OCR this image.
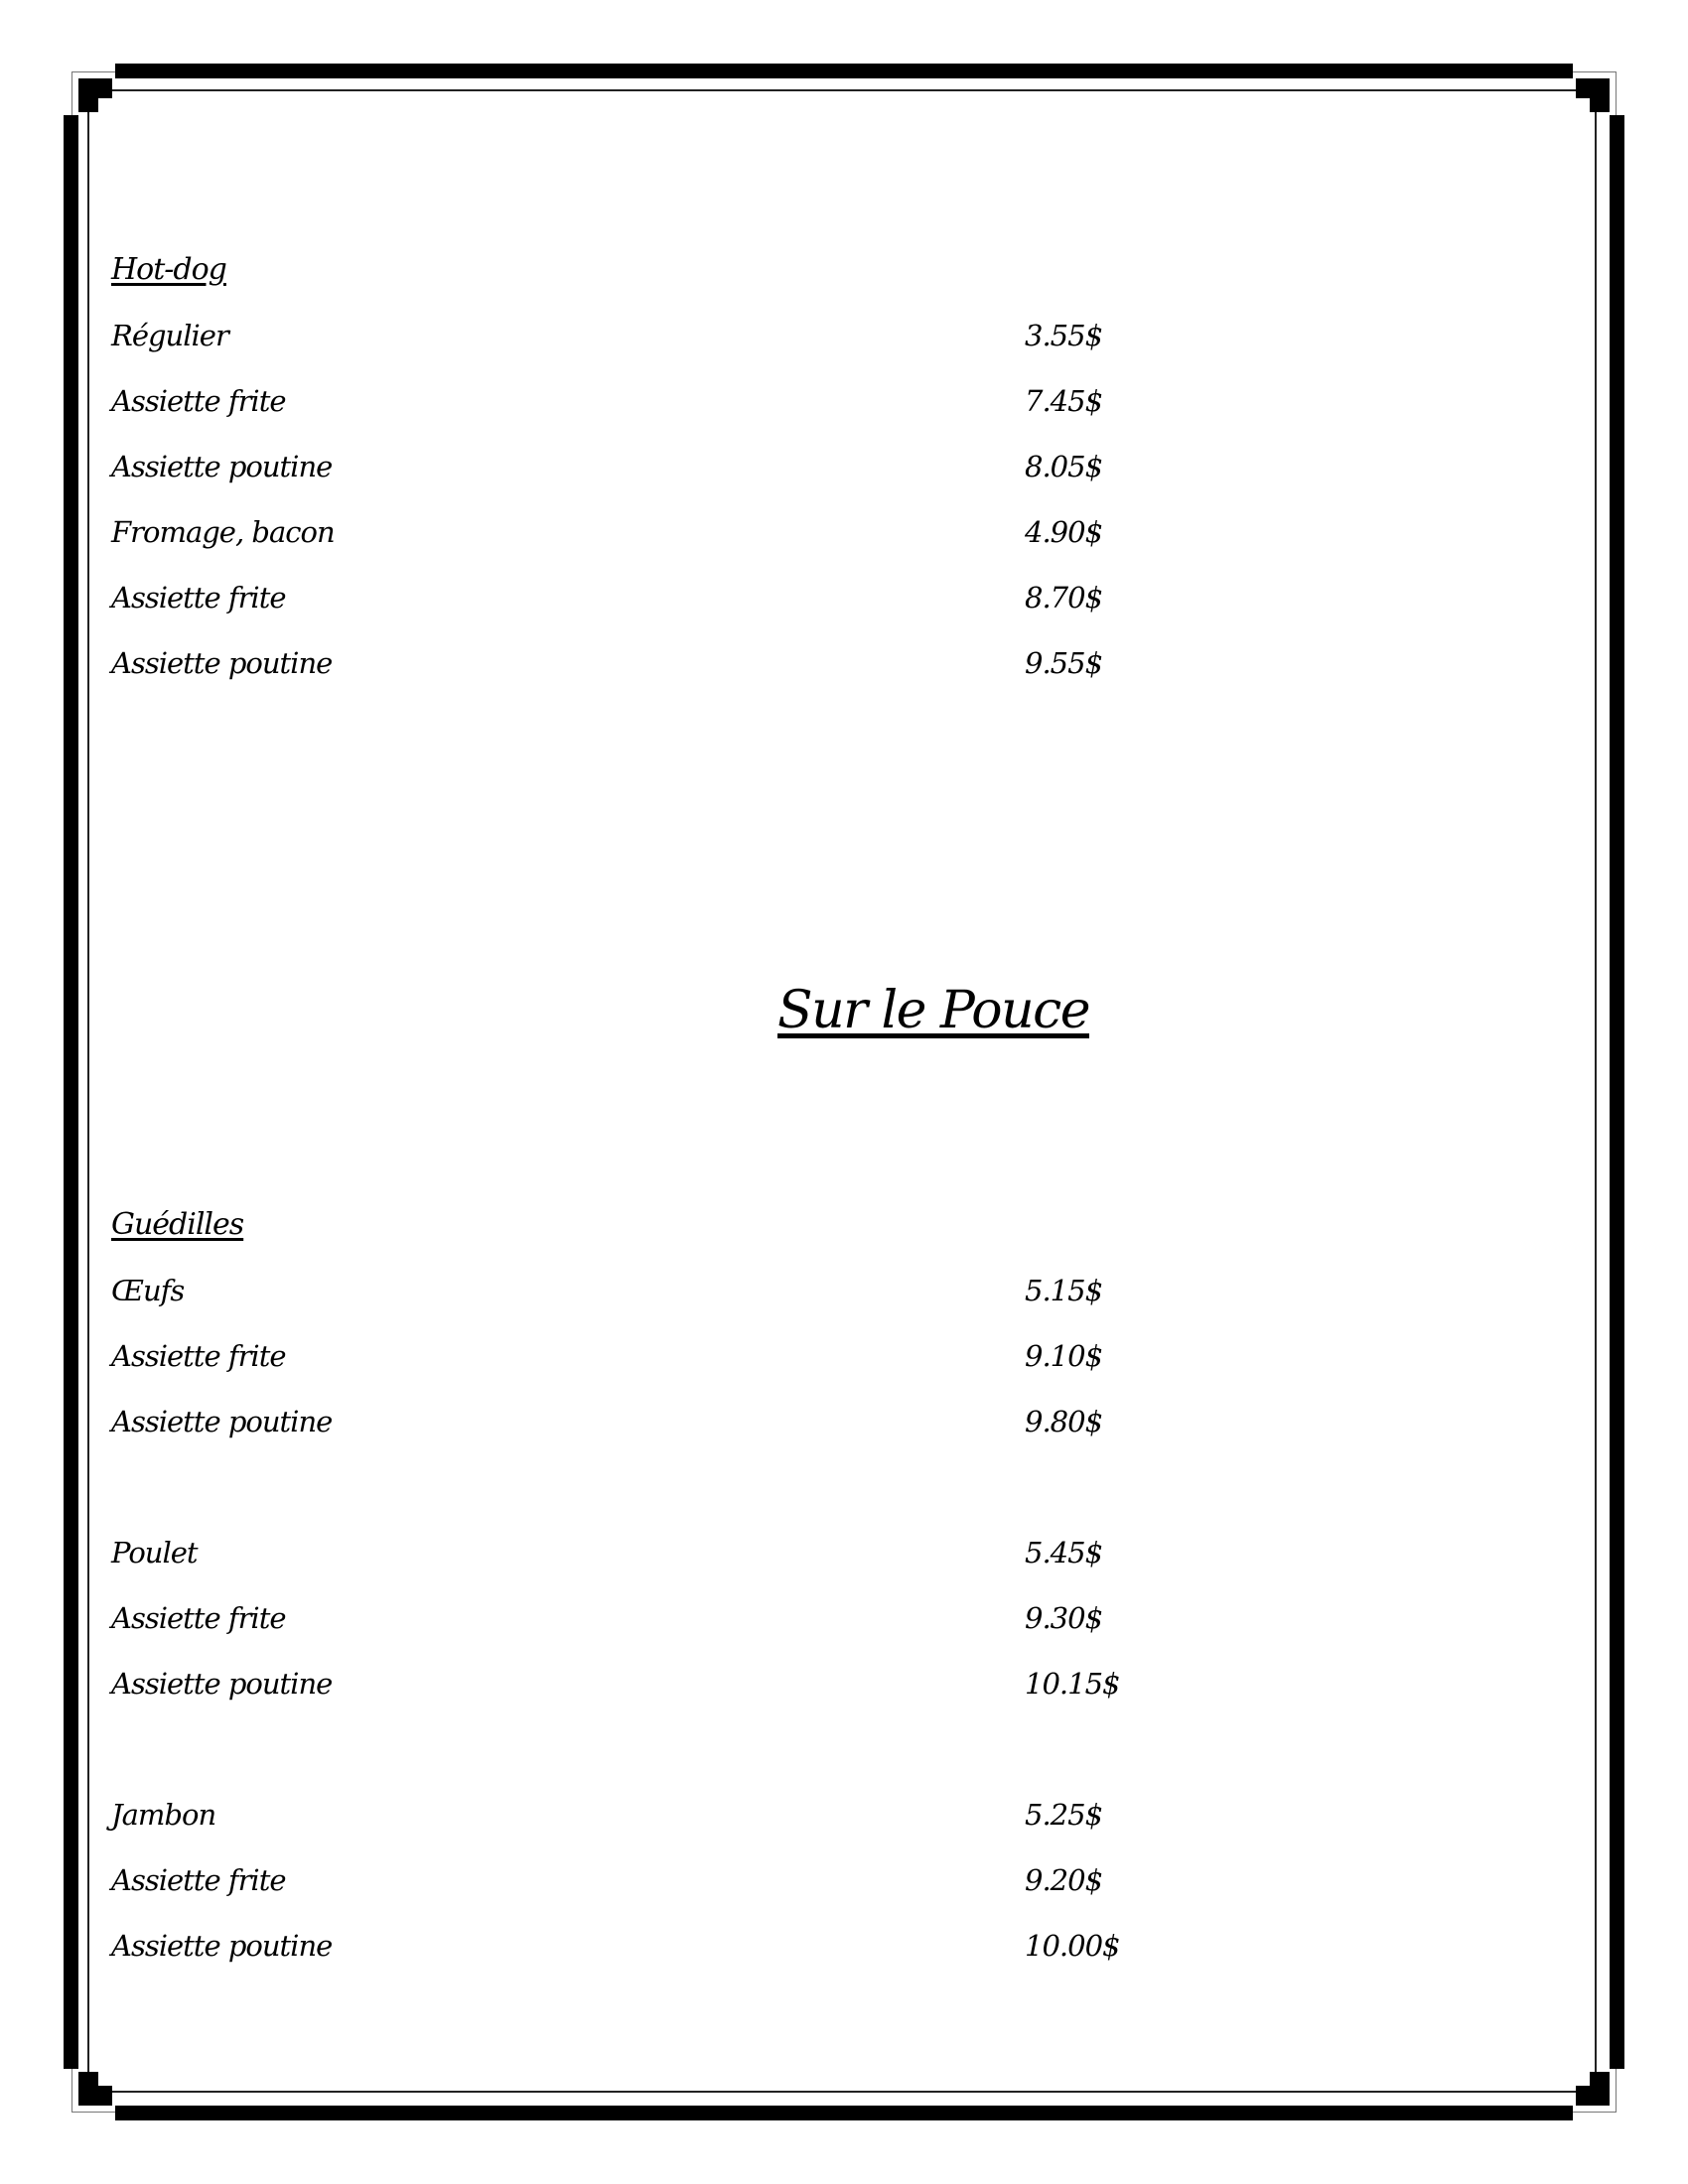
Hot-dog
Régulier	3.55$
Assiette frite	7.45$
Assiette poutine	8.05$
Fromage, bacon	4.90$
Assiette frite	8.70$
Assiette poutine	9.55$
Sur le Pouce
Guédilles
Œufs	5.15$
Assiette frite	9.10$
Assiette poutine	9.80$
Poulet	5.45$
Assiette frite	9.30$
Assiette poutine	10.15$
Jambon	5.25$
Assiette frite	9.20$
Assiette poutine	10.00$
